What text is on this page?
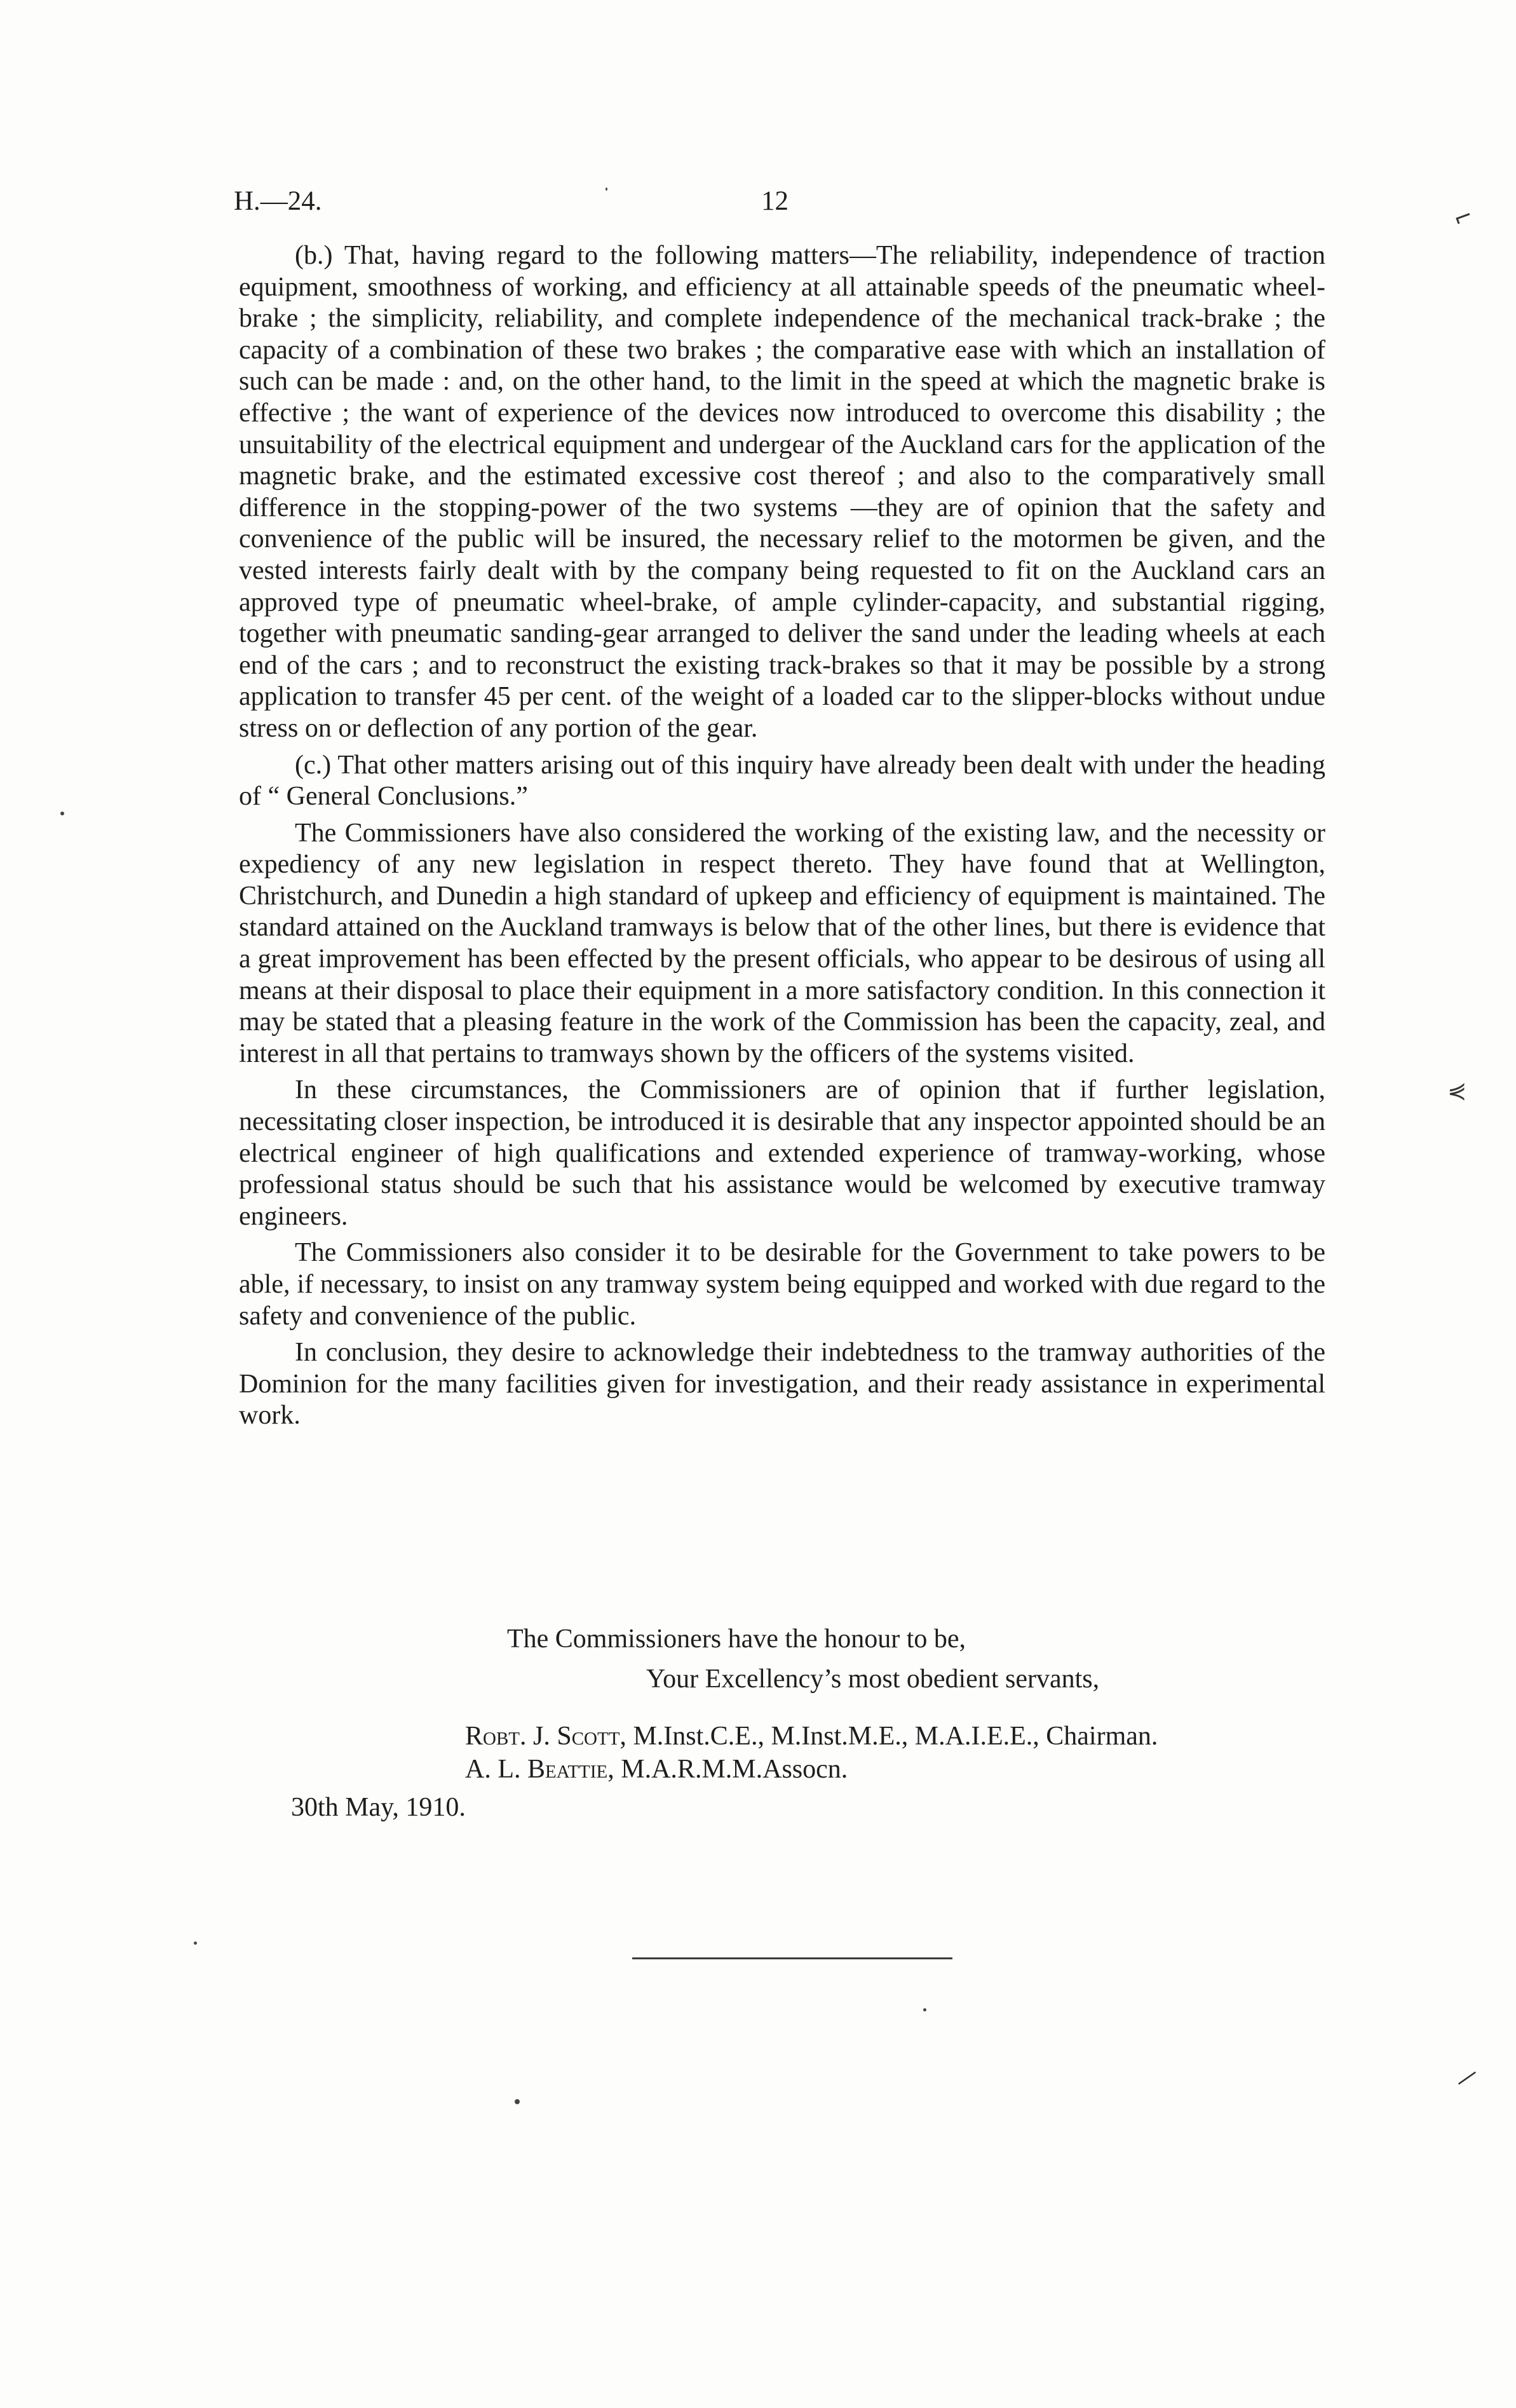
H.—24.	12

(b.) That, having regard to the following matters—The reliability, independence of traction equipment, smoothness of working, and efficiency at all attainable speeds of the pneumatic wheel-brake ; the simplicity, reliability, and complete independence of the mechanical track-brake ; the capacity of a combination of these two brakes ; the comparative ease with which an installation of such can be made : and, on the other hand, to the limit in the speed at which the magnetic brake is effective ; the want of experience of the devices now introduced to overcome this disability ; the unsuitability of the electrical equipment and undergear of the Auckland cars for the application of the magnetic brake, and the estimated excessive cost thereof ; and also to the comparatively small difference in the stopping-power of the two systems —they are of opinion that the safety and convenience of the public will be insured, the necessary relief to the motormen be given, and the vested interests fairly dealt with by the company being requested to fit on the Auckland cars an approved type of pneumatic wheel-brake, of ample cylinder-capacity, and substantial rigging, together with pneumatic sanding-gear arranged to deliver the sand under the leading wheels at each end of the cars ; and to reconstruct the existing track-brakes so that it may be possible by a strong application to transfer 45 per cent. of the weight of a loaded car to the slipper-blocks without undue stress on or deflection of any portion of the gear.

(c.) That other matters arising out of this inquiry have already been dealt with under the heading of “ General Conclusions.”

The Commissioners have also considered the working of the existing law, and the necessity or expediency of any new legislation in respect thereto. They have found that at Wellington, Christchurch, and Dunedin a high standard of upkeep and efficiency of equipment is maintained. The standard attained on the Auckland tramways is below that of the other lines, but there is evidence that a great improvement has been effected by the present officials, who appear to be desirous of using all means at their disposal to place their equipment in a more satisfactory condition. In this connection it may be stated that a pleasing feature in the work of the Commission has been the capacity, zeal, and interest in all that pertains to tramways shown by the officers of the systems visited.

In these circumstances, the Commissioners are of opinion that if further legislation, necessitating closer inspection, be introduced it is desirable that any inspector appointed should be an electrical engineer of high qualifications and extended experience of tramway-working, whose professional status should be such that his assistance would be welcomed by executive tramway engineers.

The Commissioners also consider it to be desirable for the Government to take powers to be able, if necessary, to insist on any tramway system being equipped and worked with due regard to the safety and convenience of the public.

In conclusion, they desire to acknowledge their indebtedness to the tramway authorities of the Dominion for the many facilities given for investigation, and their ready assistance in experimental work.

The Commissioners have the honour to be,
Your Excellency’s most obedient servants,
Robt. J. Scott, M.Inst.C.E., M.Inst.M.E., M.A.I.E.E., Chairman.
A. L. Beattie, M.A.R.M.M.Assocn.
30th May, 1910.
⌐
⋞
—
